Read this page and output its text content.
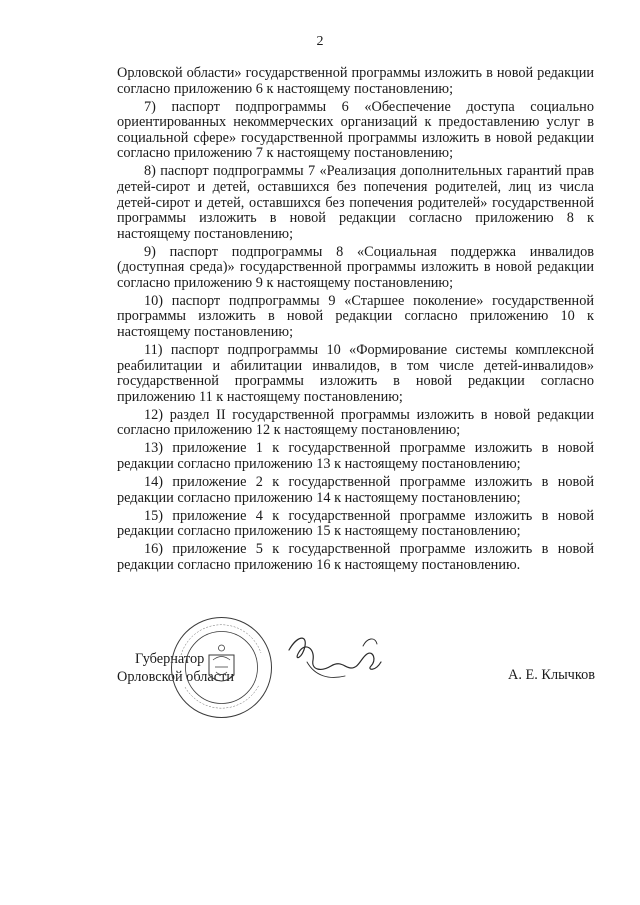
2

Орловской области» государственной программы изложить в новой редакции согласно приложению 6 к настоящему постановлению;

7) паспорт подпрограммы 6 «Обеспечение доступа социально ориентированных некоммерческих организаций к предоставлению услуг в социальной сфере» государственной программы изложить в новой редакции согласно приложению 7 к настоящему постановлению;

8) паспорт подпрограммы 7 «Реализация дополнительных гарантий прав детей-сирот и детей, оставшихся без попечения родителей, лиц из числа детей-сирот и детей, оставшихся без попечения родителей» государственной программы изложить в новой редакции согласно приложению 8 к настоящему постановлению;

9) паспорт подпрограммы 8 «Социальная поддержка инвалидов (доступная среда)» государственной программы изложить в новой редакции согласно приложению 9 к настоящему постановлению;

10) паспорт подпрограммы 9 «Старшее поколение» государственной программы изложить в новой редакции согласно приложению 10 к настоящему постановлению;

11) паспорт подпрограммы 10 «Формирование системы комплексной реабилитации и абилитации инвалидов, в том числе детей-инвалидов» государственной программы изложить в новой редакции согласно приложению 11 к настоящему постановлению;

12) раздел II государственной программы изложить в новой редакции согласно приложению 12 к настоящему постановлению;

13) приложение 1 к государственной программе изложить в новой редакции согласно приложению 13 к настоящему постановлению;

14) приложение 2 к государственной программе изложить в новой редакции согласно приложению 14 к настоящему постановлению;

15) приложение 4 к государственной программе изложить в новой редакции согласно приложению 15 к настоящему постановлению;

16) приложение 5 к государственной программе изложить в новой редакции согласно приложению 16 к настоящему постановлению.

Губернатор
Орловской области	А. Е. Клычков
